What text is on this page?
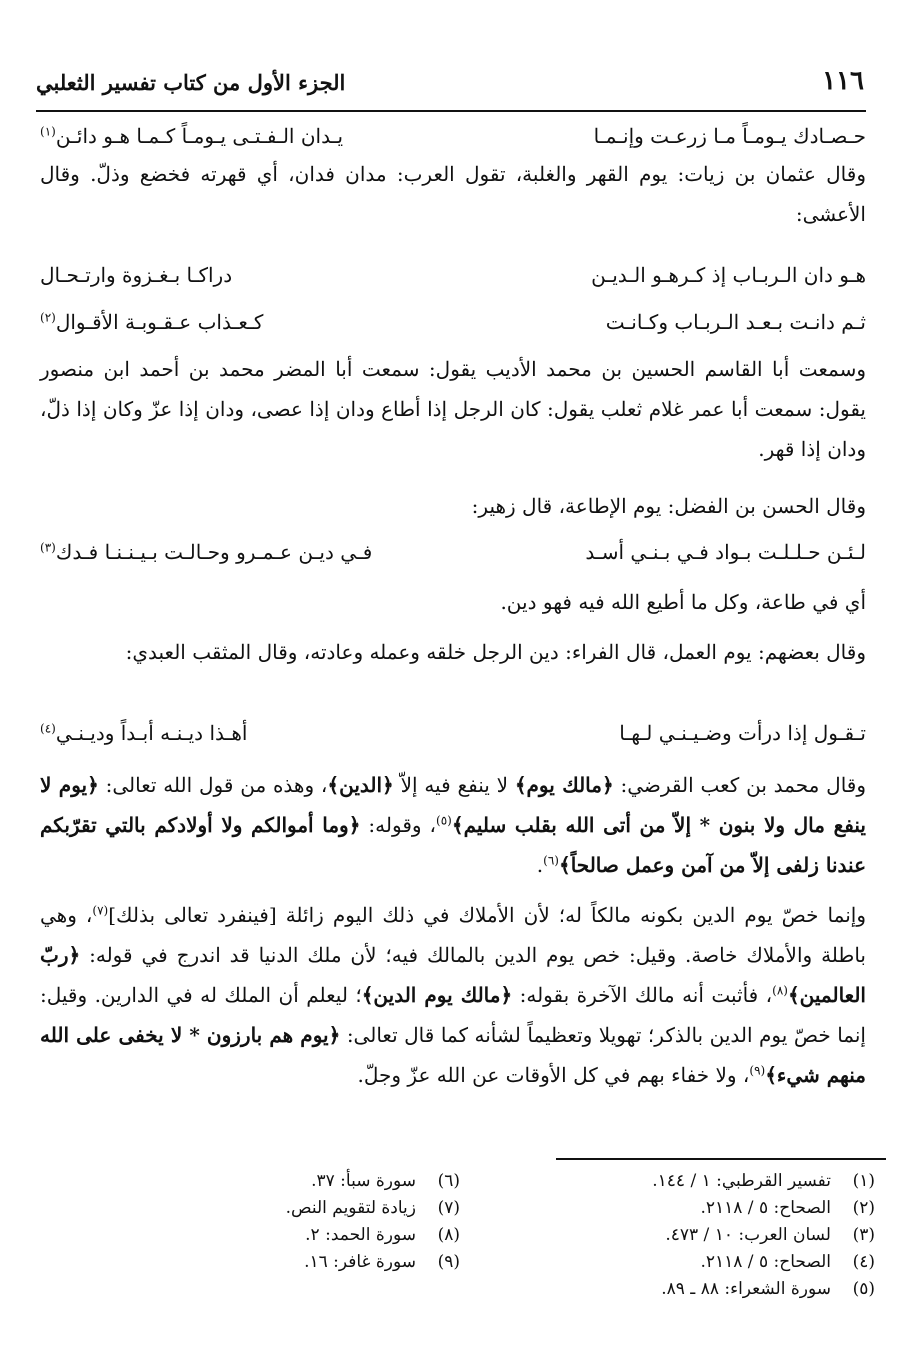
١١٦
الجزء الأول من كتاب تفسير الثعلبي
حـصـادك يـومـاً مـا زرعـت وإنـمـا
يـدان الـفـتـى يـومـاً كـمـا هـو دائـن$^{(١)}$

وقال عثمان بن زيات: يوم القهر والغلبة، تقول العرب: مدان فدان، أي قهرته فخضع وذلّ. وقال الأعشى:

هـو دان الـربـاب إذ كـرهـو الـديـن
دراكـا بـغـزوة وارتـحـال
ثـم دانـت بـعـد الـربـاب وكـانـت
كـعـذاب عـقـوبـة الأقـوال$^{(٢)}$

وسمعت أبا القاسم الحسين بن محمد الأديب يقول: سمعت أبا المضر محمد بن أحمد ابن منصور يقول: سمعت أبا عمر غلام ثعلب يقول: كان الرجل إذا أطاع ودان إذا عصى، ودان إذا عزّ وكان إذا ذلّ، ودان إذا قهر.

وقال الحسن بن الفضل: يوم الإطاعة، قال زهير:

لـئـن حـلـلـت بـواد فـي بـنـي أسـد
فـي ديـن عـمـرو وحـالـت بـيـنـنـا فـدك$^{(٣)}$

أي في طاعة، وكل ما أطيع الله فيه فهو دين.

وقال بعضهم: يوم العمل، قال الفراء: دين الرجل خلقه وعمله وعادته، وقال المثقب العبدي:

تـقـول إذا درأت وضـيـنـي لـهـا
أهـذا ديـنـه أبـداً وديـنـي$^{(٤)}$

وقال محمد بن كعب القرضي: ﴿مالك يوم﴾ لا ينفع فيه إلاّ ﴿الدين﴾، وهذه من قول الله تعالى: ﴿يوم لا ينفع مال ولا بنون * إلاّ من أتى الله بقلب سليم﴾$^{(٥)}$، وقوله: ﴿وما أموالكم ولا أولادكم بالتي تقرّبكم عندنا زلفى إلاّ من آمن وعمل صالحاً﴾$^{(٦)}$.

وإنما خصّ يوم الدين بكونه مالكاً له؛ لأن الأملاك في ذلك اليوم زائلة [فينفرد تعالى بذلك]$^{(٧)}$، وهي باطلة والأملاك خاصة. وقيل: خص يوم الدين بالمالك فيه؛ لأن ملك الدنيا قد اندرج في قوله: ﴿ربّ العالمين﴾$^{(٨)}$، فأثبت أنه مالك الآخرة بقوله: ﴿مالك يوم الدين﴾؛ ليعلم أن الملك له في الدارين. وقيل: إنما خصّ يوم الدين بالذكر؛ تهويلا وتعظيماً لشأنه كما قال تعالى: ﴿يوم هم بارزون * لا يخفى على الله منهم شيء﴾$^{(٩)}$، ولا خفاء بهم في كل الأوقات عن الله عزّ وجلّ.

(١)تفسير القرطبي: ١ / ١٤٤.
(٢)الصحاح: ٥ / ٢١١٨.
(٣)لسان العرب: ١٠ / ٤٧٣.
(٤)الصحاح: ٥ / ٢١١٨.
(٥)سورة الشعراء: ٨٨ ـ ٨٩.
(٦)سورة سبأ: ٣٧.
(٧)زيادة لتقويم النص.
(٨)سورة الحمد: ٢.
(٩)سورة غافر: ١٦.
